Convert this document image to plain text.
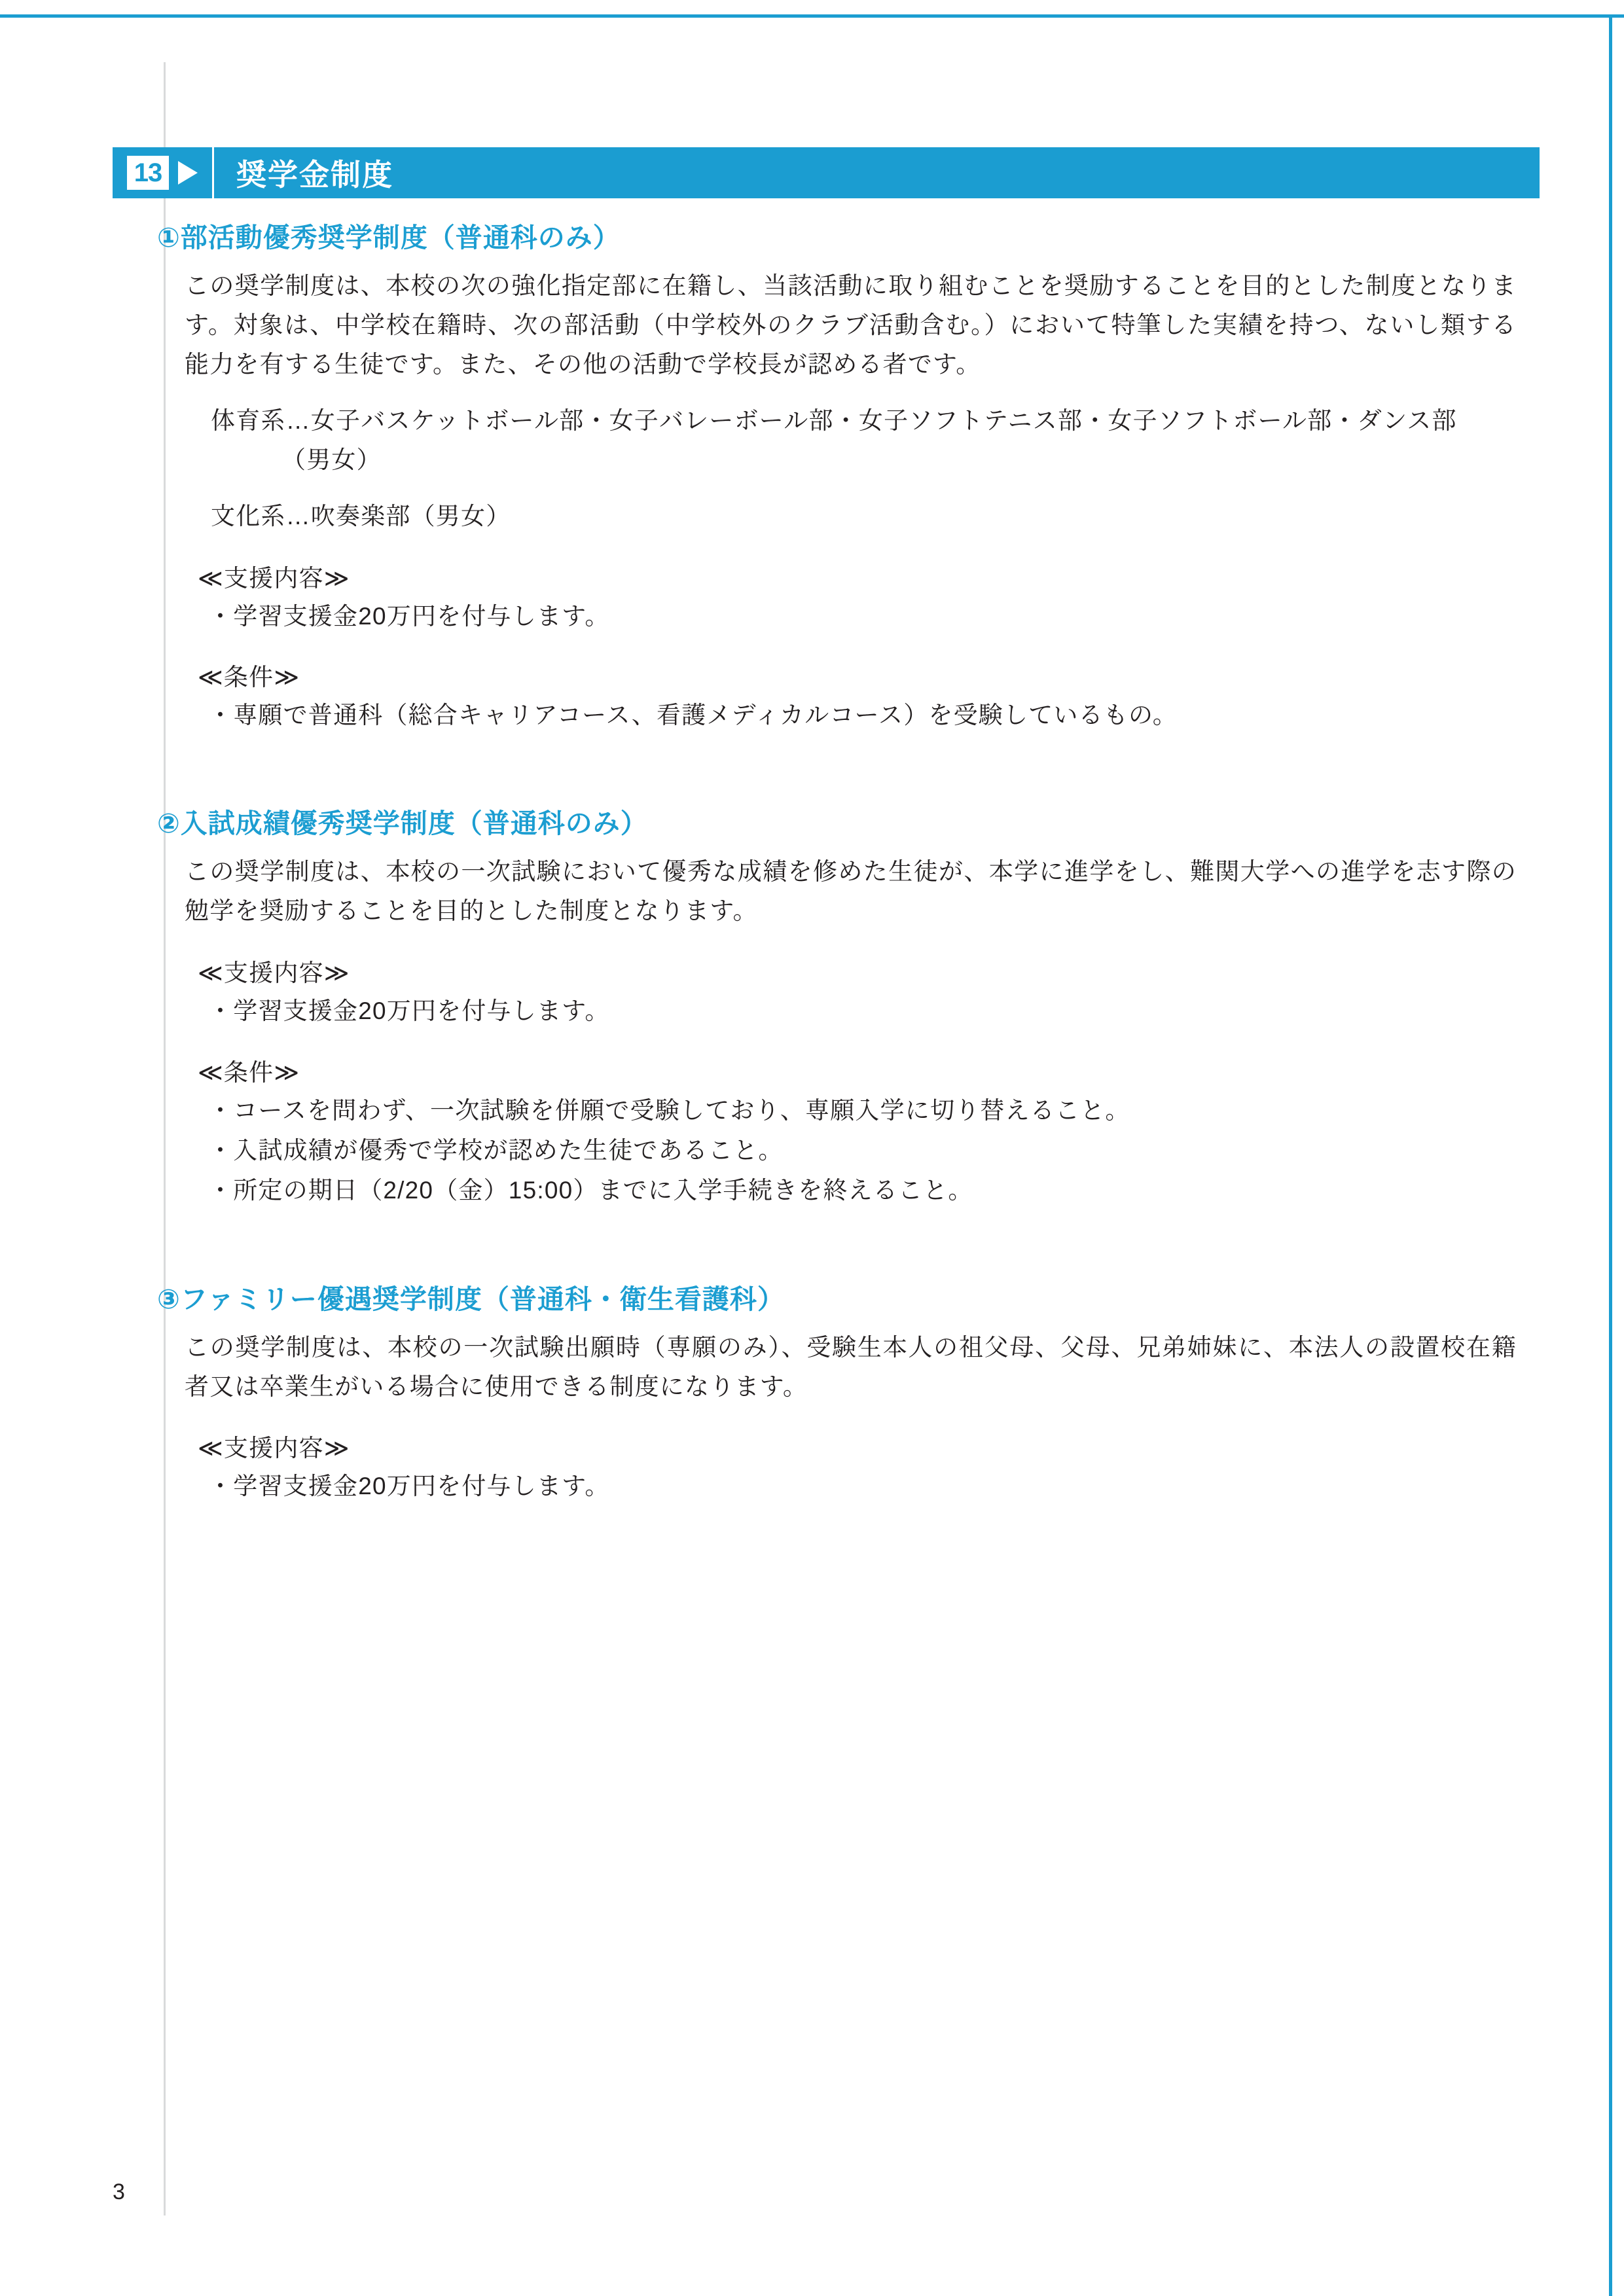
13 奨学金制度
①部活動優秀奨学制度（普通科のみ）

この奨学制度は、本校の次の強化指定部に在籍し、当該活動に取り組むことを奨励することを目的とした制度となります。対象は、中学校在籍時、次の部活動（中学校外のクラブ活動含む。）において特筆した実績を持つ、ないし類する能力を有する生徒です。また、その他の活動で学校長が認める者です。

体育系…女子バスケットボール部・女子バレーボール部・女子ソフトテニス部・女子ソフトボール部・ダンス部（男女）
文化系…吹奏楽部（男女）
≪支援内容≫
・学習支援金20万円を付与します。
≪条件≫
・専願で普通科（総合キャリアコース、看護メディカルコース）を受験しているもの。
②入試成績優秀奨学制度（普通科のみ）

この奨学制度は、本校の一次試験において優秀な成績を修めた生徒が、本学に進学をし、難関大学への進学を志す際の勉学を奨励することを目的とした制度となります。

≪支援内容≫
・学習支援金20万円を付与します。
≪条件≫
・コースを問わず、一次試験を併願で受験しており、専願入学に切り替えること。
・入試成績が優秀で学校が認めた生徒であること。
・所定の期日（2/20（金）15:00）までに入学手続きを終えること。
③ファミリー優遇奨学制度（普通科・衛生看護科）

この奨学制度は、本校の一次試験出願時（専願のみ）、受験生本人の祖父母、父母、兄弟姉妹に、本法人の設置校在籍者又は卒業生がいる場合に使用できる制度になります。

≪支援内容≫
・学習支援金20万円を付与します。
3
